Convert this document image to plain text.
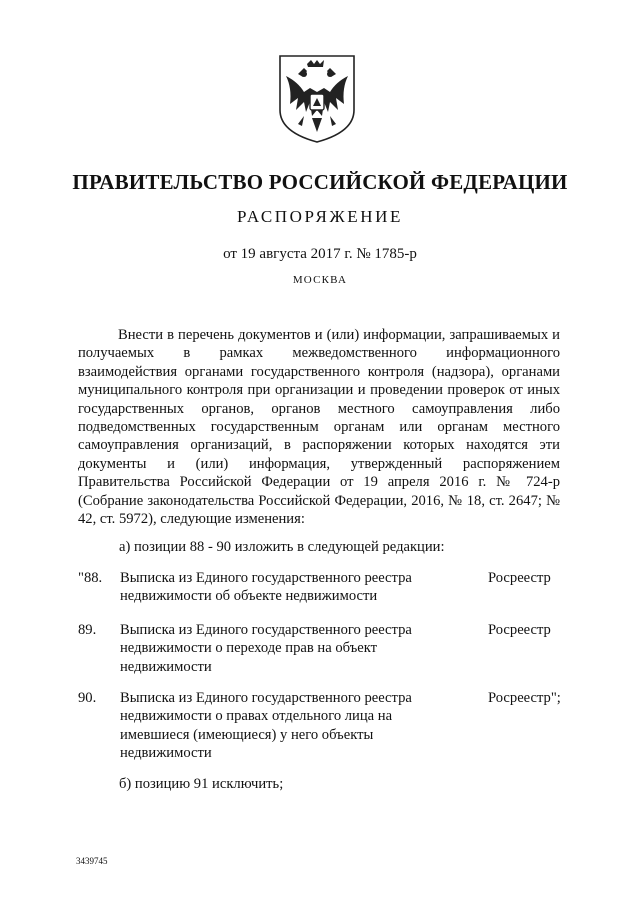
ПРАВИТЕЛЬСТВО РОССИЙСКОЙ ФЕДЕРАЦИИ
РАСПОРЯЖЕНИЕ
от 19 августа 2017 г. № 1785-р
МОСКВА
Внести в перечень документов и (или) информации, запрашиваемых и получаемых в рамках межведомственного информационного взаимодействия органами государственного контроля (надзора), органами муниципального контроля при организации и проведении проверок от иных государственных органов, органов местного самоуправления либо подведомственных государственным органам или органам местного самоуправления организаций, в распоряжении которых находятся эти документы и (или) информация, утвержденный распоряжением Правительства Российской Федерации от 19 апреля 2016 г. № 724-р (Собрание законодательства Российской Федерации, 2016, № 18, ст. 2647; № 42, ст. 5972), следующие изменения:
а) позиции 88 - 90 изложить в следующей редакции:
"88. Выписка из Единого государственного реестра недвижимости об объекте недвижимости
Росреестр
89. Выписка из Единого государственного реестра недвижимости о переходе прав на объект недвижимости
Росреестр
90. Выписка из Единого государственного реестра недвижимости о правах отдельного лица на имевшиеся (имеющиеся) у него объекты недвижимости
Росреестр";
б) позицию 91 исключить;
3439745
